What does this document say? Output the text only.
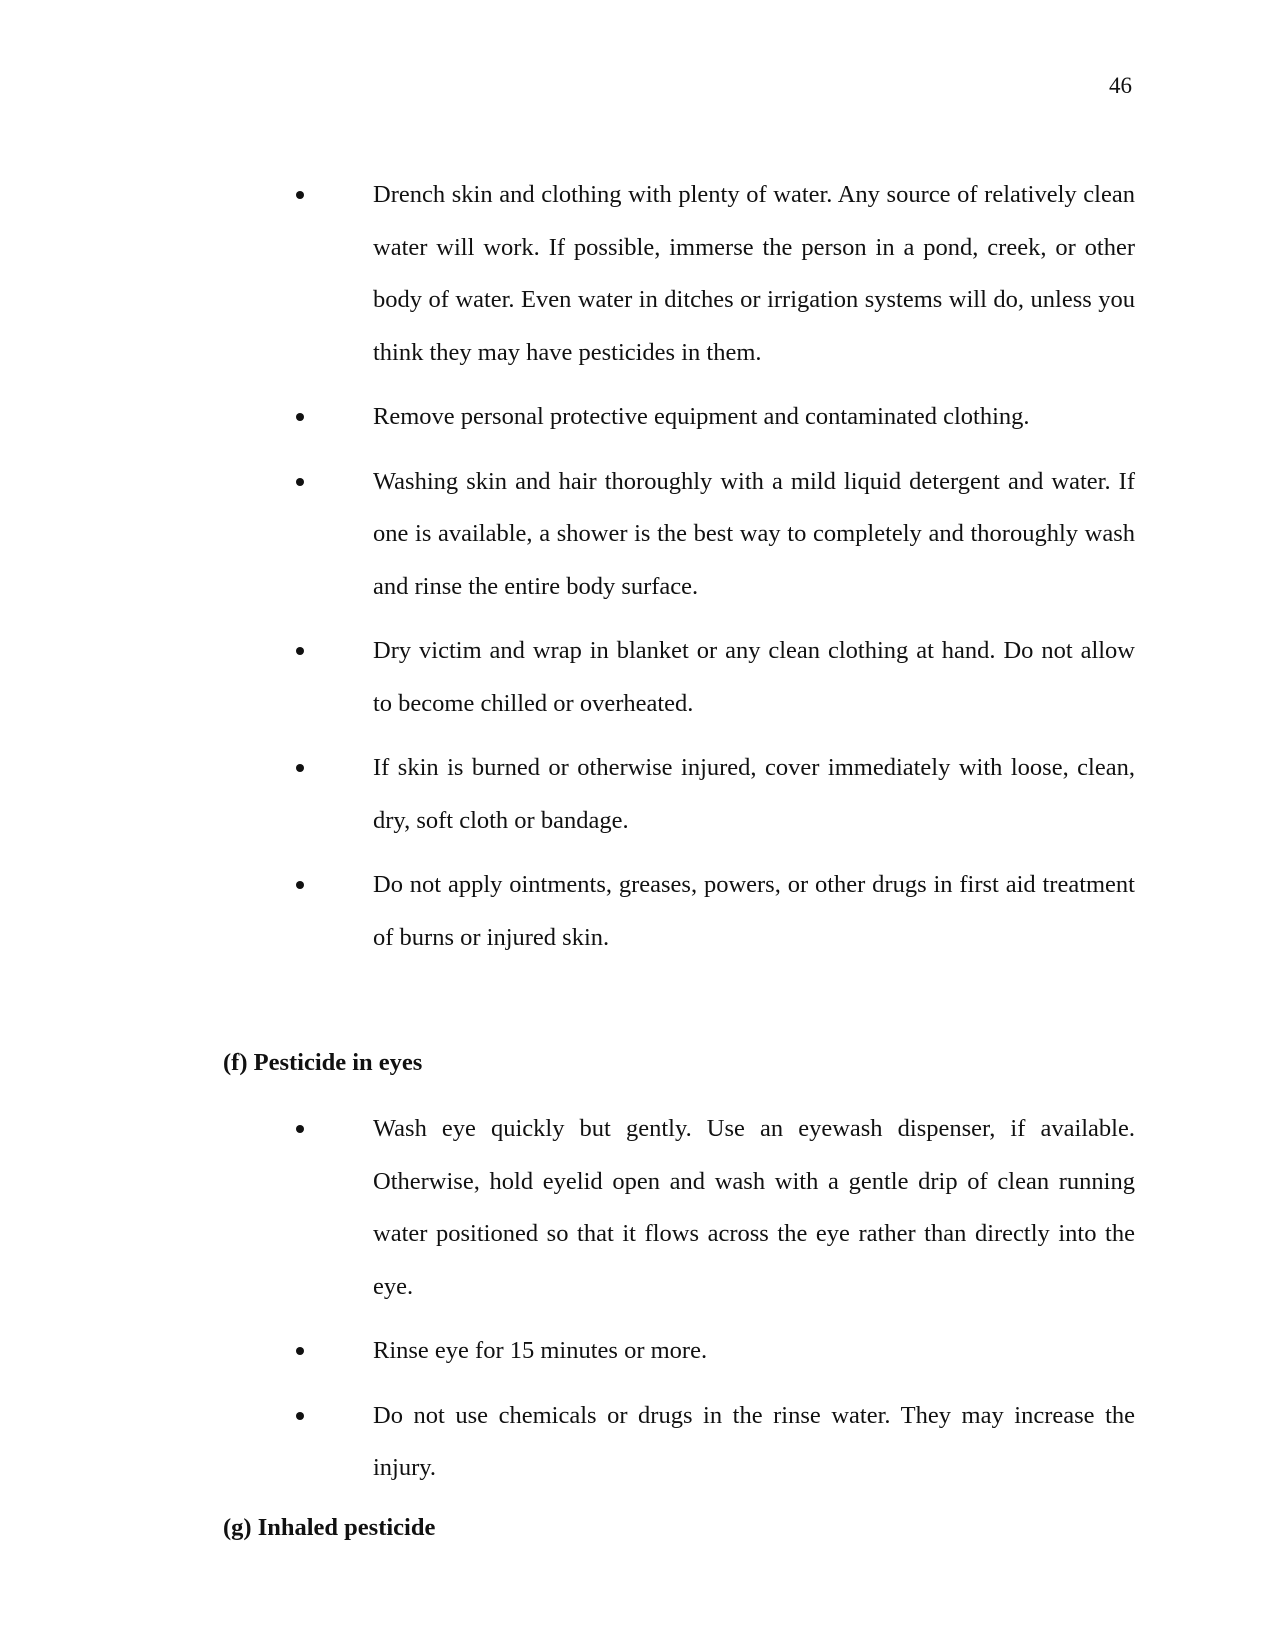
46
Drench skin and clothing with plenty of water. Any source of relatively clean water will work. If possible, immerse the person in a pond, creek, or other body of water. Even water in ditches or irrigation systems will do, unless you think they may have pesticides in them.
Remove personal protective equipment and contaminated clothing.
Washing skin and hair thoroughly with a mild liquid detergent and water. If one is available, a shower is the best way to completely and thoroughly wash and rinse the entire body surface.
Dry victim and wrap in blanket or any clean clothing at hand. Do not allow to become chilled or overheated.
If skin is burned or otherwise injured, cover immediately with loose, clean, dry, soft cloth or bandage.
Do not apply ointments, greases, powers, or other drugs in first aid treatment of burns or injured skin.
(f) Pesticide in eyes
Wash eye quickly but gently. Use an eyewash dispenser, if available. Otherwise, hold eyelid open and wash with a gentle drip of clean running water positioned so that it flows across the eye rather than directly into the eye.
Rinse eye for 15 minutes or more.
Do not use chemicals or drugs in the rinse water. They may increase the injury.
(g) Inhaled pesticide
